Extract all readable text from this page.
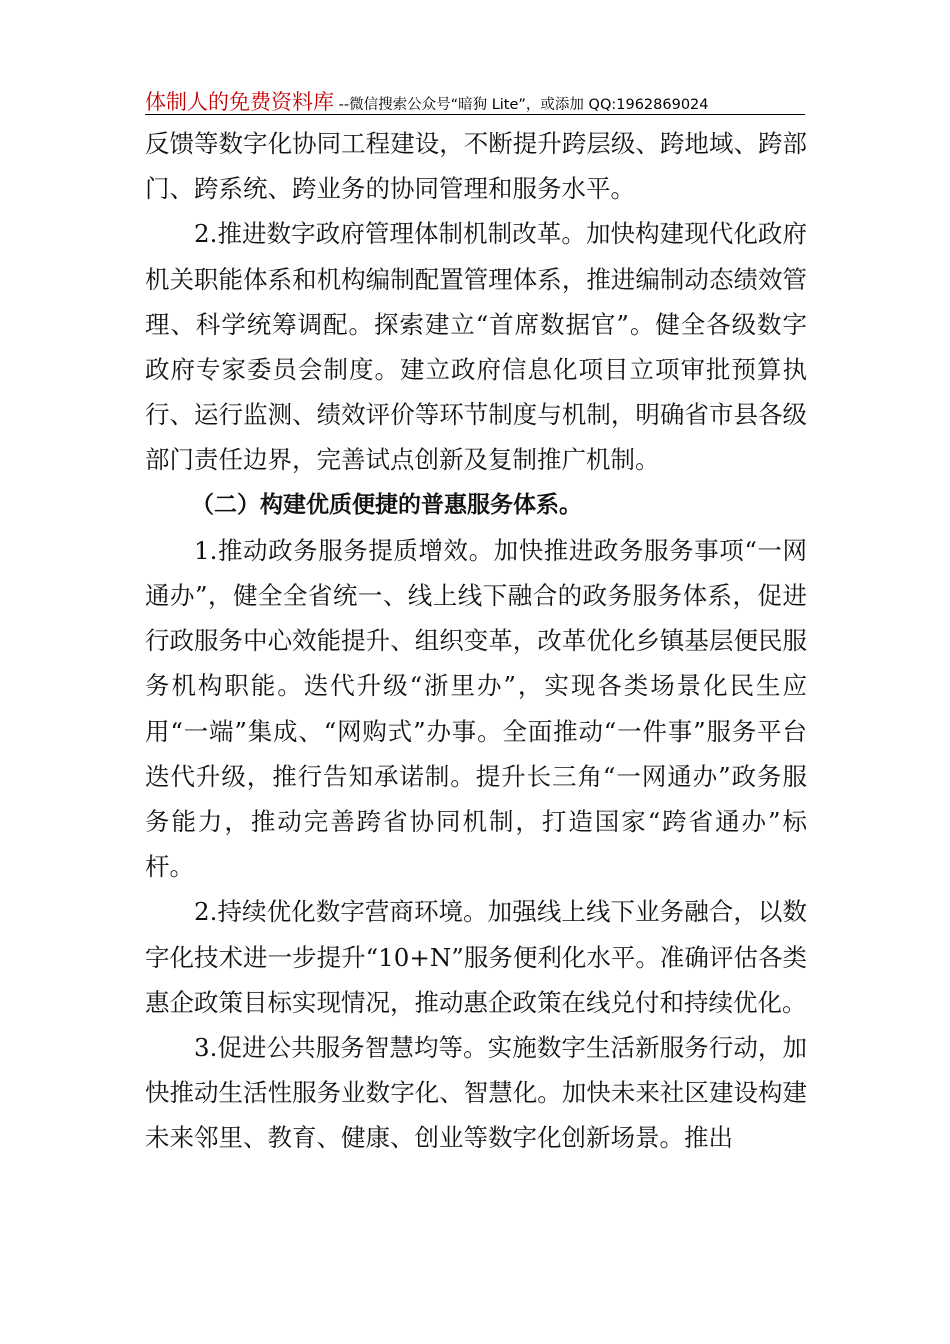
体制人的免费资料库 --微信搜索公众号“暗狗 Lite”，或添加 QQ:1962869024

反馈等数字化协同工程建设，不断提升跨层级、跨地域、跨部门、跨系统、跨业务的协同管理和服务水平。

2.推进数字政府管理体制机制改革。加快构建现代化政府机关职能体系和机构编制配置管理体系，推进编制动态绩效管理、科学统筹调配。探索建立“首席数据官”。健全各级数字政府专家委员会制度。建立政府信息化项目立项审批预算执行、运行监测、绩效评价等环节制度与机制，明确省市县各级部门责任边界，完善试点创新及复制推广机制。

（二）构建优质便捷的普惠服务体系。

1.推动政务服务提质增效。加快推进政务服务事项“一网通办”，健全全省统一、线上线下融合的政务服务体系，促进行政服务中心效能提升、组织变革，改革优化乡镇基层便民服务机构职能。迭代升级“浙里办”，实现各类场景化民生应用“一端”集成、“网购式”办事。全面推动“一件事”服务平台迭代升级，推行告知承诺制。提升长三角“一网通办”政务服务能力，推动完善跨省协同机制，打造国家“跨省通办”标杆。

2.持续优化数字营商环境。加强线上线下业务融合，以数字化技术进一步提升“10+N”服务便利化水平。准确评估各类惠企政策目标实现情况，推动惠企政策在线兑付和持续优化。

3.促进公共服务智慧均等。实施数字生活新服务行动，加快推动生活性服务业数字化、智慧化。加快未来社区建设构建未来邻里、教育、健康、创业等数字化创新场景。推出
